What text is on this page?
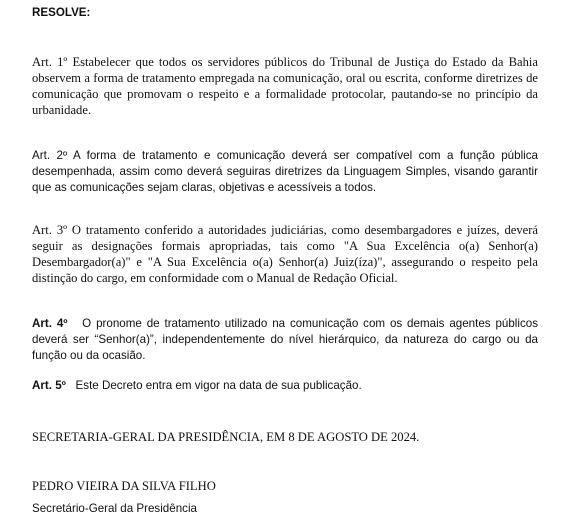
RESOLVE:

Art. 1º Estabelecer que todos os servidores públicos do Tribunal de Justiça do Estado da Bahia observem a forma de tratamento empregada na comunicação, oral ou escrita, conforme diretrizes de comunicação que promovam o respeito e a formalidade protocolar, pautando-se no princípio da urbanidade.

Art. 2º A forma de tratamento e comunicação deverá ser compatível com a função pública desempenhada, assim como deverá seguiras diretrizes da Linguagem Simples, visando garantir que as comunicações sejam claras, objetivas e acessíveis a todos.

Art. 3º O tratamento conferido a autoridades judiciárias, como desembargadores e juízes, deverá seguir as designações formais apropriadas, tais como "A Sua Excelência o(a) Senhor(a) Desembargador(a)" e "A Sua Excelência o(a) Senhor(a) Juiz(íza)", assegurando o respeito pela distinção do cargo, em conformidade com o Manual de Redação Oficial.

Art. 4º O pronome de tratamento utilizado na comunicação com os demais agentes públicos deverá ser “Senhor(a)”, independentemente do nível hierárquico, da natureza do cargo ou da função ou da ocasião.

Art. 5º Este Decreto entra em vigor na data de sua publicação.

SECRETARIA-GERAL DA PRESIDÊNCIA, EM 8 DE AGOSTO DE 2024.

PEDRO VIEIRA DA SILVA FILHO

Secretário-Geral da Presidência
